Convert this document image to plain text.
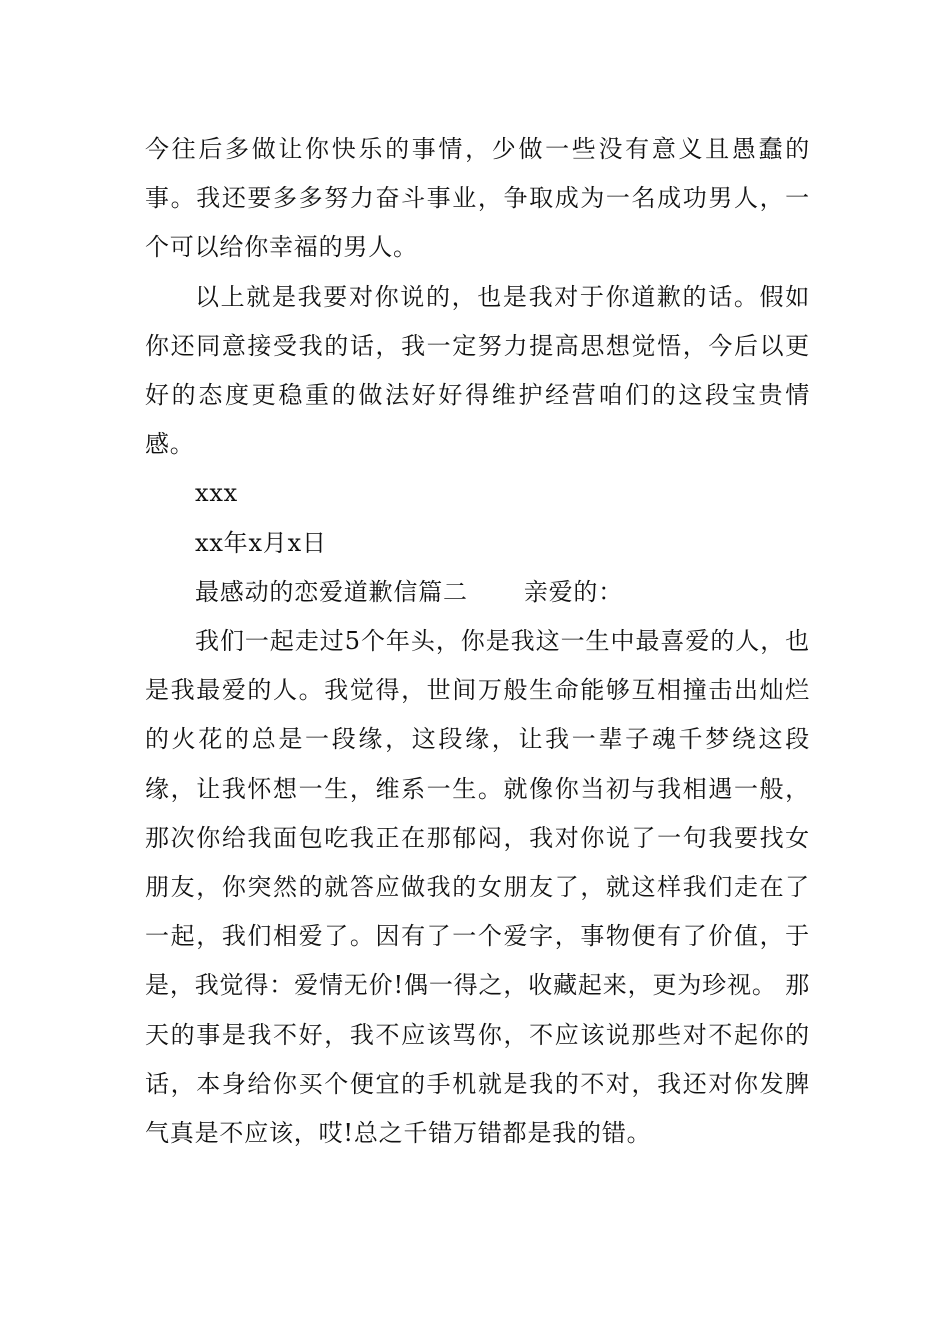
今往后多做让你快乐的事情，少做一些没有意义且愚蠢的事。我还要多多努力奋斗事业，争取成为一名成功男人，一个可以给你幸福的男人。

以上就是我要对你说的，也是我对于你道歉的话。假如你还同意接受我的话，我一定努力提高思想觉悟，今后以更好的态度更稳重的做法好好得维护经营咱们的这段宝贵情感。

xxx

xx年x月x日

最感动的恋爱道歉信篇二 亲爱的：

我们一起走过5个年头，你是我这一生中最喜爱的人，也是我最爱的人。我觉得，世间万般生命能够互相撞击出灿烂的火花的总是一段缘，这段缘，让我一辈子魂千梦绕这段缘，让我怀想一生，维系一生。就像你当初与我相遇一般，那次你给我面包吃我正在那郁闷，我对你说了一句我要找女朋友，你突然的就答应做我的女朋友了，就这样我们走在了一起，我们相爱了。因有了一个爱字，事物便有了价值，于是，我觉得：爱情无价!偶一得之，收藏起来，更为珍视。 那天的事是我不好，我不应该骂你，不应该说那些对不起你的话，本身给你买个便宜的手机就是我的不对，我还对你发脾气真是不应该，哎!总之千错万错都是我的错。
